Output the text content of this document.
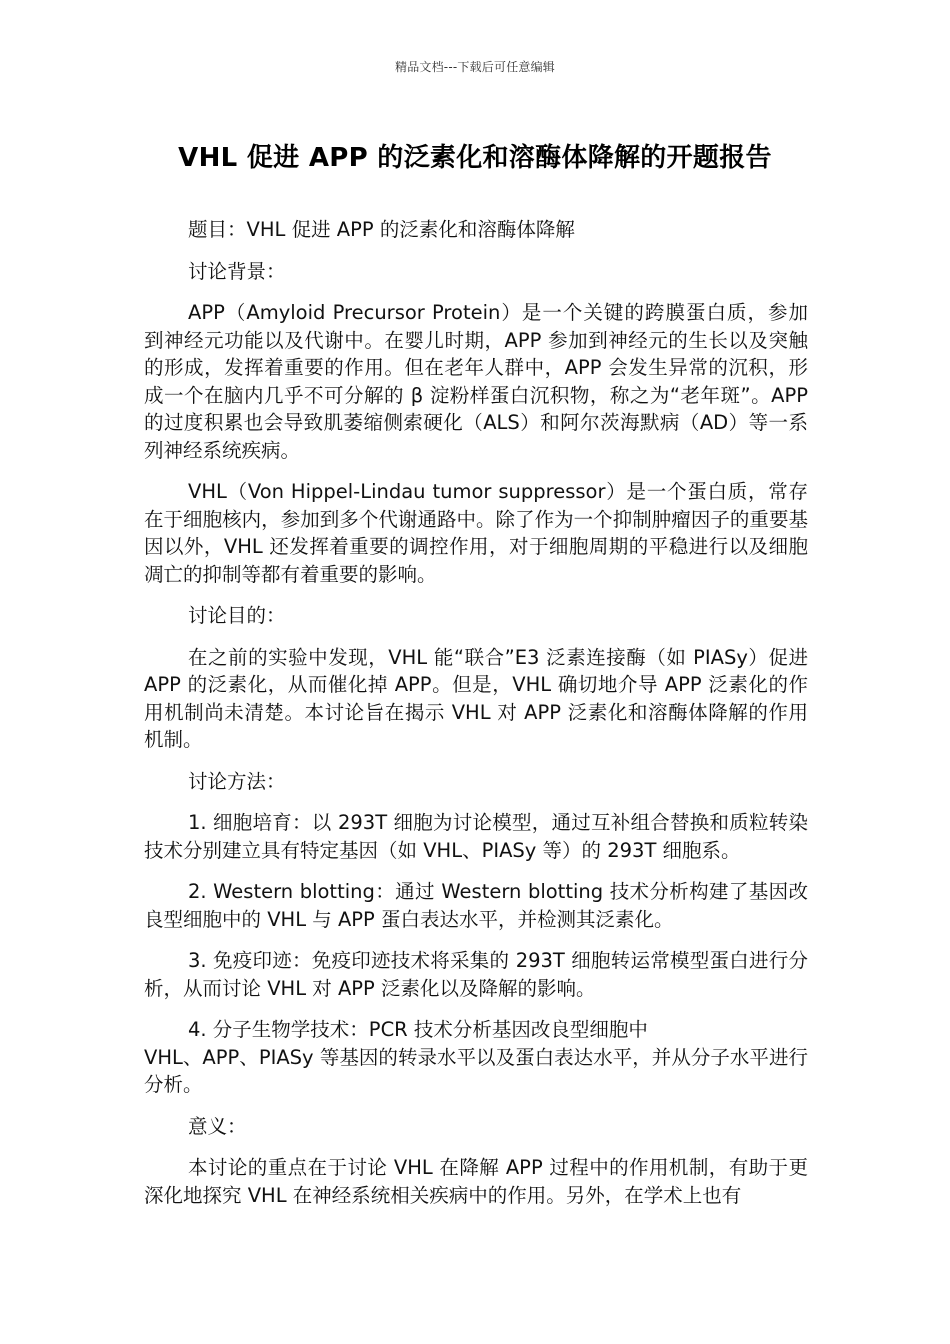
精品文档---下载后可任意编辑
VHL 促进 APP 的泛素化和溶酶体降解的开题报告

题目：VHL 促进 APP 的泛素化和溶酶体降解

讨论背景：

APP（Amyloid Precursor Protein）是一个关键的跨膜蛋白质，参加到神经元功能以及代谢中。在婴儿时期，APP 参加到神经元的生长以及突触的形成，发挥着重要的作用。但在老年人群中，APP 会发生异常的沉积，形成一个在脑内几乎不可分解的 β 淀粉样蛋白沉积物，称之为“老年斑”。APP 的过度积累也会导致肌萎缩侧索硬化（ALS）和阿尔茨海默病（AD）等一系列神经系统疾病。

VHL（Von Hippel-Lindau tumor suppressor）是一个蛋白质，常存在于细胞核内，参加到多个代谢通路中。除了作为一个抑制肿瘤因子的重要基因以外，VHL 还发挥着重要的调控作用，对于细胞周期的平稳进行以及细胞凋亡的抑制等都有着重要的影响。

讨论目的：

在之前的实验中发现，VHL 能“联合”E3 泛素连接酶（如 PIASy）促进 APP 的泛素化，从而催化掉 APP。但是，VHL 确切地介导 APP 泛素化的作用机制尚未清楚。本讨论旨在揭示 VHL 对 APP 泛素化和溶酶体降解的作用机制。

讨论方法：

1. 细胞培育：以 293T 细胞为讨论模型，通过互补组合替换和质粒转染技术分别建立具有特定基因（如 VHL、PIASy 等）的 293T 细胞系。

2. Western blotting：通过 Western blotting 技术分析构建了基因改良型细胞中的 VHL 与 APP 蛋白表达水平，并检测其泛素化。

3. 免疫印迹：免疫印迹技术将采集的 293T 细胞转运常模型蛋白进行分析，从而讨论 VHL 对 APP 泛素化以及降解的影响。

4. 分子生物学技术：PCR 技术分析基因改良型细胞中
VHL、APP、PIASy 等基因的转录水平以及蛋白表达水平，并从分子水平进行分析。

意义：

本讨论的重点在于讨论 VHL 在降解 APP 过程中的作用机制，有助于更深化地探究 VHL 在神经系统相关疾病中的作用。另外，在学术上也有
